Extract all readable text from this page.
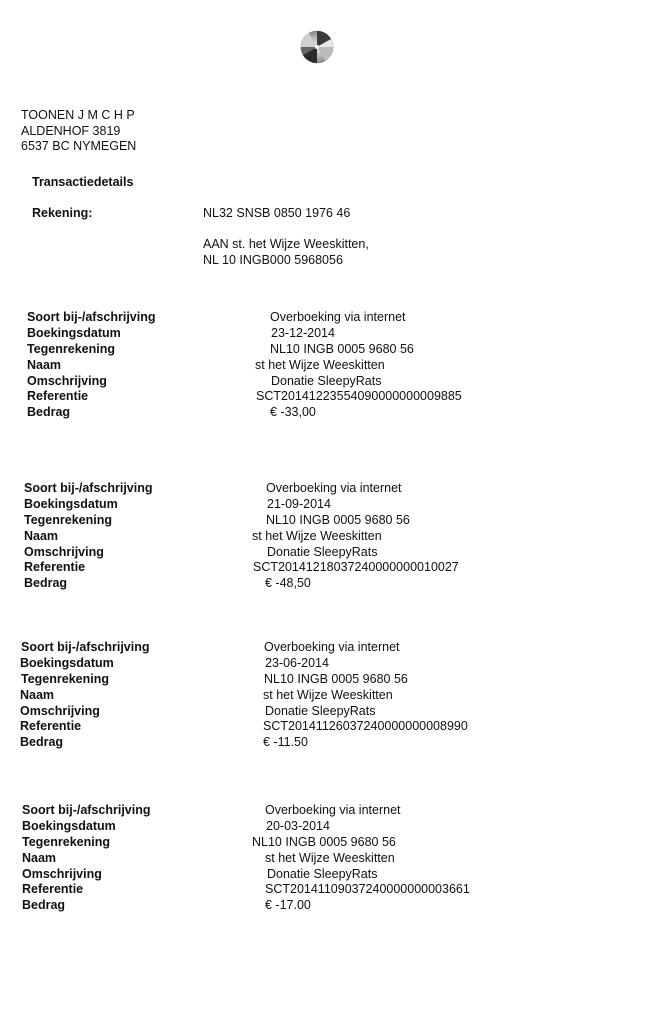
TOONEN J M C H P
ALDENHOF 3819
6537 BC NYMEGEN
Transactiedetails
Rekening:	NL32 SNSB 0850 1976 46
AAN st. het Wijze Weeskitten,
NL 10 INGB000 5968056
Soort bij-/afschrijving	Overboeking via internet
Boekingsdatum	23-12-2014
Tegenrekening	NL10 INGB 0005 9680 56
Naam	st het Wijze Weeskitten
Omschrijving	Donatie SleepyRats
Referentie	SCT20141223554090000000009885
Bedrag	€ -33,00
Soort bij-/afschrijving	Overboeking via internet
Boekingsdatum	21-09-2014
Tegenrekening	NL10 INGB 0005 9680 56
Naam	st het Wijze Weeskitten
Omschrijving	Donatie SleepyRats
Referentie	SCT20141218037240000000010027
Bedrag	€ -48,50
Soort bij-/afschrijving	Overboeking via internet
Boekingsdatum	23-06-2014
Tegenrekening	NL10 INGB 0005 9680 56
Naam	st het Wijze Weeskitten
Omschrijving	Donatie SleepyRats
Referentie	SCT20141126037240000000008990
Bedrag	€ -11.50
Soort bij-/afschrijving	Overboeking via internet
Boekingsdatum	20-03-2014
Tegenrekening	NL10 INGB 0005 9680 56
Naam	st het Wijze Weeskitten
Omschrijving	Donatie SleepyRats
Referentie	SCT20141109037240000000003661
Bedrag	€ -17.00
